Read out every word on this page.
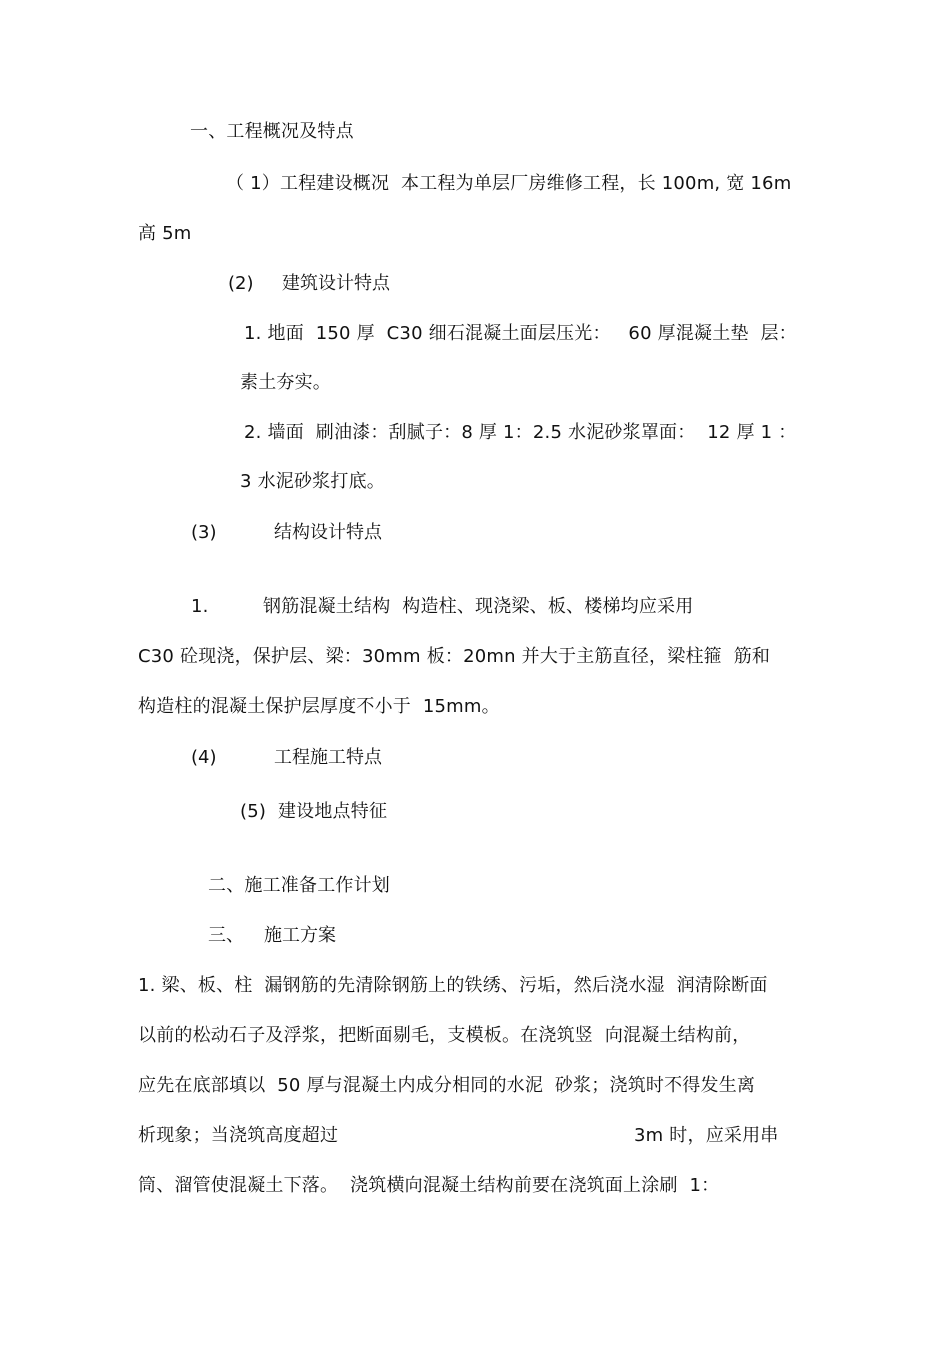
一、工程概况及特点
（ 1）工程建设概况  本工程为单层厂房维修工程，长 100m, 宽 16m
高 5m
(2) 建筑设计特点
1. 地面  150 厚  C30 细石混凝土面层压光：   60 厚混凝土垫  层：
素土夯实。
2. 墙面  刷油漆：刮腻子：8 厚 1：2.5 水泥砂浆罩面：  12 厚 1 ：
3 水泥砂浆打底。
(3)	结构设计特点
1.	钢筋混凝土结构  构造柱、现浇梁、板、楼梯均应采用
C30 砼现浇，保护层、梁：30mm 板：20mn 并大于主筋直径，梁柱箍  筋和
构造柱的混凝土保护层厚度不小于  15mm。
(4)	工程施工特点
(5)  建设地点特征
二、施工准备工作计划
三、 施工方案
1. 梁、板、柱  漏钢筋的先清除钢筋上的铁绣、污垢，然后浇水湿  润清除断面
以前的松动石子及浮浆，把断面剔毛，支模板。在浇筑竖  向混凝土结构前，
应先在底部填以  50 厚与混凝土内成分相同的水泥  砂浆；浇筑时不得发生离
析现象；当浇筑高度超过	3m 时，应采用串
筒、溜管使混凝土下落。  浇筑横向混凝土结构前要在浇筑面上涂刷  1：
